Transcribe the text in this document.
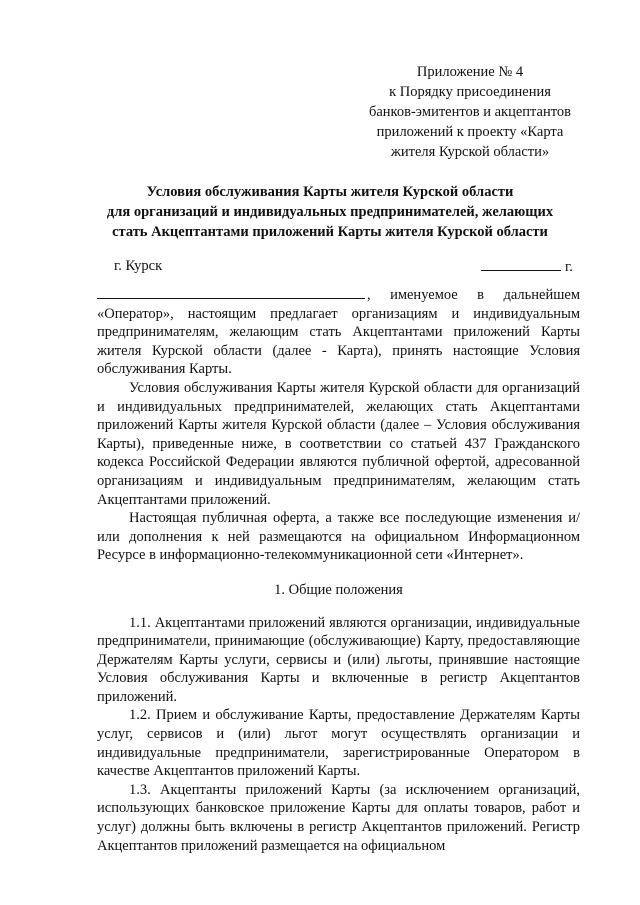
Приложение № 4
к Порядку присоединения
банков-эмитентов и акцептантов
приложений к проекту «Карта
жителя Курской области»
Условия обслуживания Карты жителя Курской области
для организаций и индивидуальных предпринимателей, желающих
стать Акцептантами приложений Карты жителя Курской области
г. Курск	г.
, именуемое в дальнейшем

«Оператор», настоящим предлагает организациям и индивидуальным предпринимателям, желающим стать Акцептантами приложений Карты жителя Курской области (далее - Карта), принять настоящие Условия обслуживания Карты.

Условия обслуживания Карты жителя Курской области для организаций и индивидуальных предпринимателей, желающих стать Акцептантами приложений Карты жителя Курской области (далее – Условия обслуживания Карты), приведенные ниже, в соответствии со статьей 437 Гражданского кодекса Российской Федерации являются публичной офертой, адресованной организациям и индивидуальным предпринимателям, желающим стать Акцептантами приложений.

Настоящая публичная оферта, а также все последующие изменения и/или дополнения к ней размещаются на официальном Информационном Ресурсе в информационно-телекоммуникационной сети «Интернет».

1. Общие положения

1.1. Акцептантами приложений являются организации, индивидуальные предприниматели, принимающие (обслуживающие) Карту, предоставляющие Держателям Карты услуги, сервисы и (или) льготы, принявшие настоящие Условия обслуживания Карты и включенные в регистр Акцептантов приложений.

1.2. Прием и обслуживание Карты, предоставление Держателям Карты услуг, сервисов и (или) льгот могут осуществлять организации и индивидуальные предприниматели, зарегистрированные Оператором в качестве Акцептантов приложений Карты.

1.3. Акцептанты приложений Карты (за исключением организаций, использующих банковское приложение Карты для оплаты товаров, работ и услуг) должны быть включены в регистр Акцептантов приложений. Регистр Акцептантов приложений размещается на официальном
